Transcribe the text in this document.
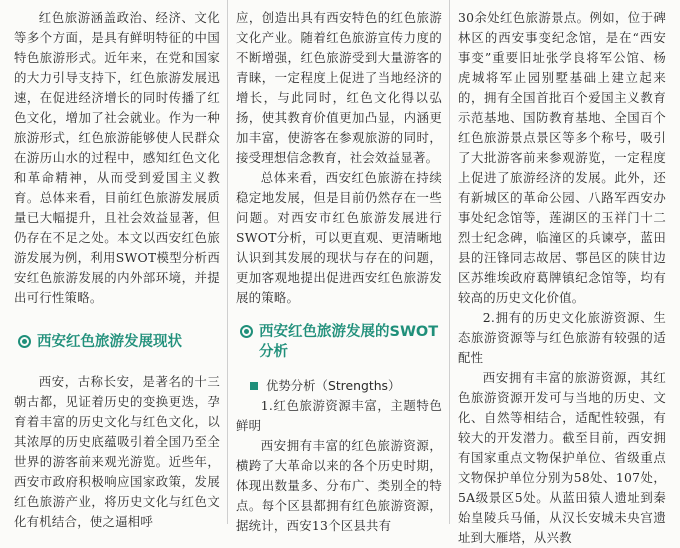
红色旅游涵盖政治、经济、文化等多个方面，是具有鲜明特征的中国特色旅游形式。近年来，在党和国家的大力引导支持下，红色旅游发展迅速，在促进经济增长的同时传播了红色文化，增加了社会就业。作为一种旅游形式，红色旅游能够使人民群众在游历山水的过程中，感知红色文化和革命精神，从而受到爱国主义教育。总体来看，目前红色旅游发展质量已大幅提升，且社会效益显著，但仍存在不足之处。本文以西安红色旅游发展为例，利用SWOT模型分析西安红色旅游发展的内外部环境，并提出可行性策略。

西安红色旅游发展现状

西安，古称长安，是著名的十三朝古都，见证着历史的变换更迭，孕育着丰富的历史文化与红色文化，以其浓厚的历史底蕴吸引着全国乃至全世界的游客前来观光游览。近些年，西安市政府积极响应国家政策，发展红色旅游产业，将历史文化与红色文化有机结合，使之逼相呼

应，创造出具有西安特色的红色旅游文化产业。随着红色旅游宣传力度的不断增强，红色旅游受到大量游客的青睐，一定程度上促进了当地经济的增长，与此同时，红色文化得以弘扬，使其教育价值更加凸显，内涵更加丰富，使游客在参观旅游的同时，接受理想信念教育，社会效益显著。

总体来看，西安红色旅游在持续稳定地发展，但是目前仍然存在一些问题。对西安市红色旅游发展进行SWOT分析，可以更直观、更清晰地认识到其发展的现状与存在的问题，更加客观地提出促进西安红色旅游发展的策略。

西安红色旅游发展的SWOT分析
优势分析（Strengths）

1.红色旅游资源丰富，主题特色鲜明

西安拥有丰富的红色旅游资源，横跨了大革命以来的各个历史时期，体现出数量多、分布广、类别全的特点。每个区县都拥有红色旅游资源，据统计，西安13个区县共有

30余处红色旅游景点。例如，位于碑林区的西安事变纪念馆，是在“西安事变”重要旧址张学良将军公馆、杨虎城将军止园别墅基础上建立起来的，拥有全国首批百个爱国主义教育示范基地、国防教育基地、全国百个红色旅游景点景区等多个称号，吸引了大批游客前来参观游览，一定程度上促进了旅游经济的发展。此外，还有新城区的革命公园、八路军西安办事处纪念馆等，莲湖区的玉祥门十二烈士纪念碑，临潼区的兵谏亭，蓝田县的汪锋同志故居、鄠邑区的陕甘边区苏维埃政府葛牌镇纪念馆等，均有较高的历史文化价值。

2.拥有的历史文化旅游资源、生态旅游资源等与红色旅游有较强的适配性

西安拥有丰富的旅游资源，其红色旅游资源开发可与当地的历史、文化、自然等相结合，适配性较强，有较大的开发潜力。截至目前，西安拥有国家重点文物保护单位、省级重点文物保护单位分别为58处、107处，5A级景区5处。从蓝田猿人遗址到秦始皇陵兵马俑，从汉长安城未央宫遗址到大雁塔，从兴教
